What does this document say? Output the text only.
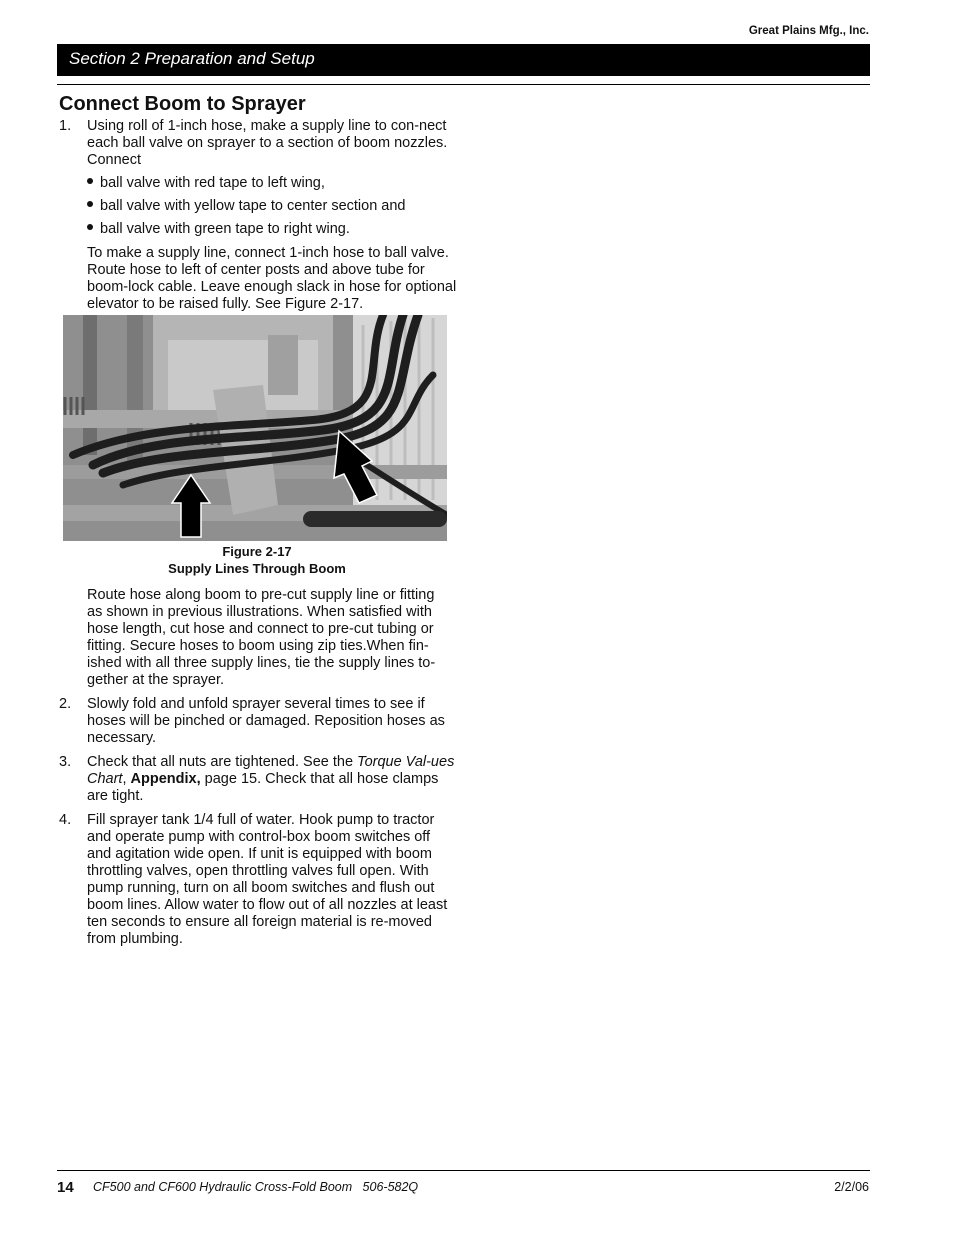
Great Plains Mfg., Inc.
Section 2 Preparation and Setup
Connect Boom to Sprayer
1. Using roll of 1-inch hose, make a supply line to con-nect each ball valve on sprayer to a section of boom nozzles. Connect
ball valve with red tape to left wing,
ball valve with yellow tape to center section and
ball valve with green tape to right wing.
To make a supply line, connect 1-inch hose to ball valve. Route hose to left of center posts and above tube for boom-lock cable. Leave enough slack in hose for optional elevator to be raised fully. See Figure 2-17.
Figure 2-17
Supply Lines Through Boom
Route hose along boom to pre-cut supply line or fitting as shown in previous illustrations. When satisfied with hose length, cut hose and connect to pre-cut tubing or fitting. Secure hoses to boom using zip ties.When fin-ished with all three supply lines, tie the supply lines to-gether at the sprayer.
2. Slowly fold and unfold sprayer several times to see if hoses will be pinched or damaged. Reposition hoses as necessary.
3. Check that all nuts are tightened. See the Torque Val-ues Chart, Appendix, page 15. Check that all hose clamps are tight.
4. Fill sprayer tank 1/4 full of water. Hook pump to tractor and operate pump with control-box boom switches off and agitation wide open. If unit is equipped with boom throttling valves, open throttling valves full open. With pump running, turn on all boom switches and flush out boom lines. Allow water to flow out of all nozzles at least ten seconds to ensure all foreign material is re-moved from plumbing.
14 CF500 and CF600 Hydraulic Cross-Fold Boom   506-582Q	2/2/06
